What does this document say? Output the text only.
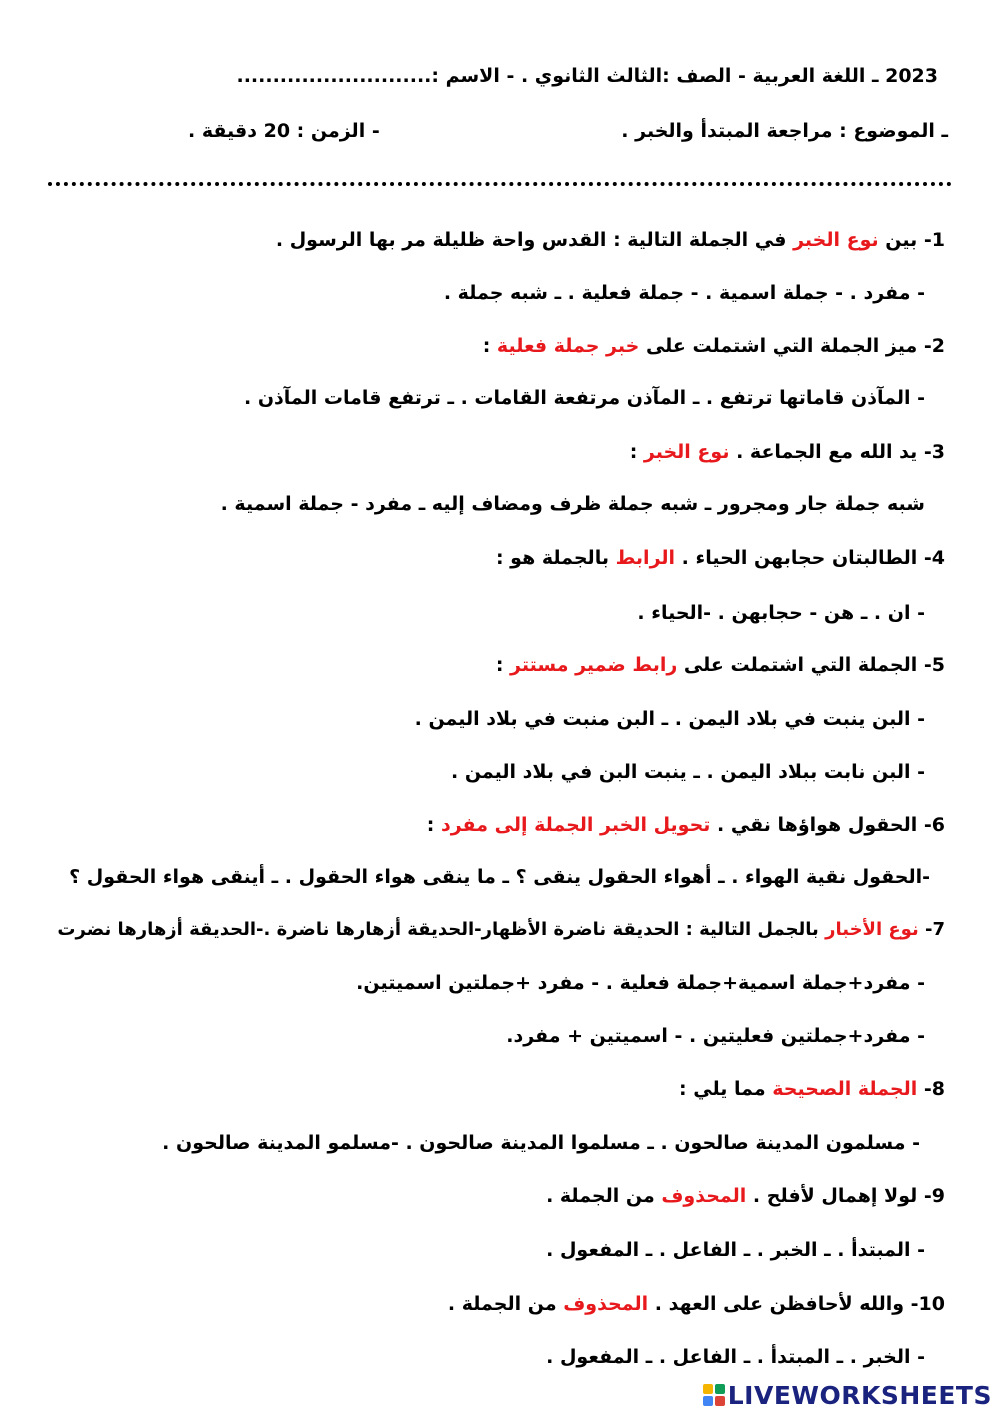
2023 ـ اللغة العربية - الصف :الثالث الثانوي . - الاسم :...........................
ـ الموضوع : مراجعة المبتدأ والخبر .
- الزمن : 20 دقيقة .
1- بين نوع الخبر في الجملة التالية : القدس واحة ظليلة مر بها الرسول .
- مفرد . - جملة اسمية . - جملة فعلية . ـ شبه جملة .
2- ميز الجملة التي اشتملت على خبر جملة فعلية :
- المآذن قاماتها ترتفع . ـ المآذن مرتفعة القامات . ـ ترتفع قامات المآذن .
3- يد الله مع الجماعة . نوع الخبر :
شبه جملة جار ومجرور ـ شبه جملة ظرف ومضاف إليه ـ مفرد - جملة اسمية .
4- الطالبتان حجابهن الحياء . الرابط بالجملة هو :
- ان . ـ هن - حجابهن . -الحياء .
5- الجملة التي اشتملت على رابط ضمير مستتر :
- البن ينبت في بلاد اليمن . ـ البن منبت في بلاد اليمن .
- البن نابت ببلاد اليمن . ـ ينبت البن في بلاد اليمن .
6- الحقول هواؤها نقي . تحويل الخبر الجملة إلى مفرد :
-الحقول نقية الهواء . ـ أهواء الحقول ينقى ؟ ـ ما ينقى هواء الحقول . ـ أينقى هواء الحقول ؟
7- نوع الأخبار بالجمل التالية : الحديقة ناضرة الأظهار-الحديقة أزهارها ناضرة .-الحديقة أزهارها نضرت
- مفرد+جملة اسمية+جملة فعلية . - مفرد +جملتين اسميتين.
- مفرد+جملتين فعليتين . - اسميتين + مفرد.
8- الجملة الصحيحة مما يلي :
- مسلمون المدينة صالحون . ـ مسلموا المدينة صالحون . -مسلمو المدينة صالحون .
9- لولا إهمال لأفلح . المحذوف من الجملة .
- المبتدأ . ـ الخبر . ـ الفاعل . ـ المفعول .
10- والله لأحافظن على العهد . المحذوف من الجملة .
- الخبر . ـ المبتدأ . ـ الفاعل . ـ المفعول .
LIVEWORKSHEETS
